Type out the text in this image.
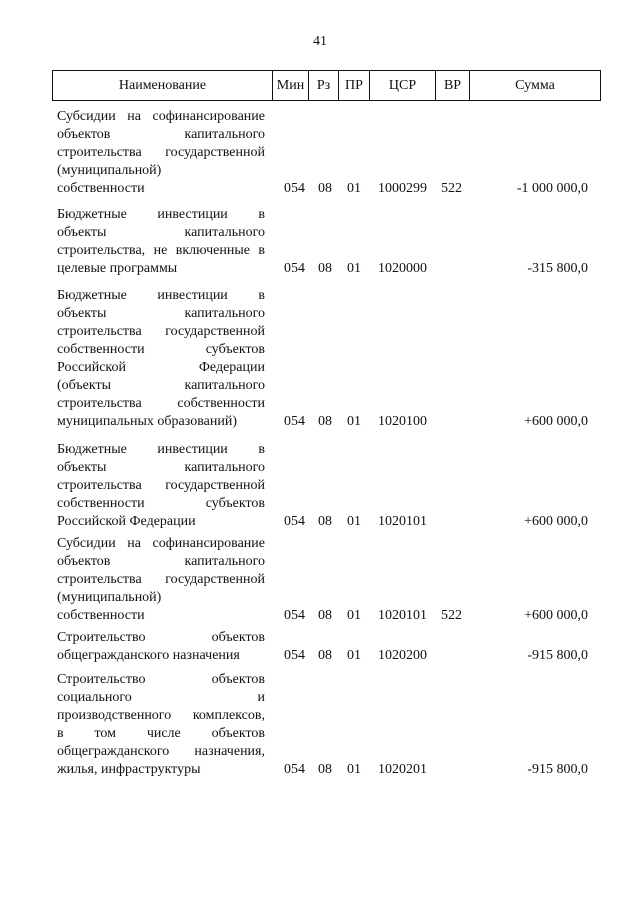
41
Наименование	Мин Рз	ПР	ЦСР	ВР	Сумма
Субсидии на софинансирование
объектов капитального
строительства государственной
(муниципальной)
собственности	054 08 01 1000299 522	-1 000 000,0
Бюджетные инвестиции в
объекты капитального
строительства, не включенные в
целевые программы	054 08 01 1020000	-315 800,0
Бюджетные инвестиции в
объекты капитального
строительства государственной
собственности субъектов
Российской Федерации
(объекты капитального
строительства собственности
муниципальных образований)	054 08 01 1020100	+600 000,0
Бюджетные инвестиции в
объекты капитального
строительства государственной
собственности субъектов
Российской Федерации	054 08 01 1020101	+600 000,0
Субсидии на софинансирование
объектов капитального
строительства государственной
(муниципальной)
собственности	054 08 01 1020101 522	+600 000,0
Строительство объектов
общегражданского назначения	054 08 01 1020200	-915 800,0
Строительство объектов
социального и
производственного комплексов,
в том числе объектов
общегражданского назначения,
жилья, инфраструктуры	054 08 01 1020201	-915 800,0
